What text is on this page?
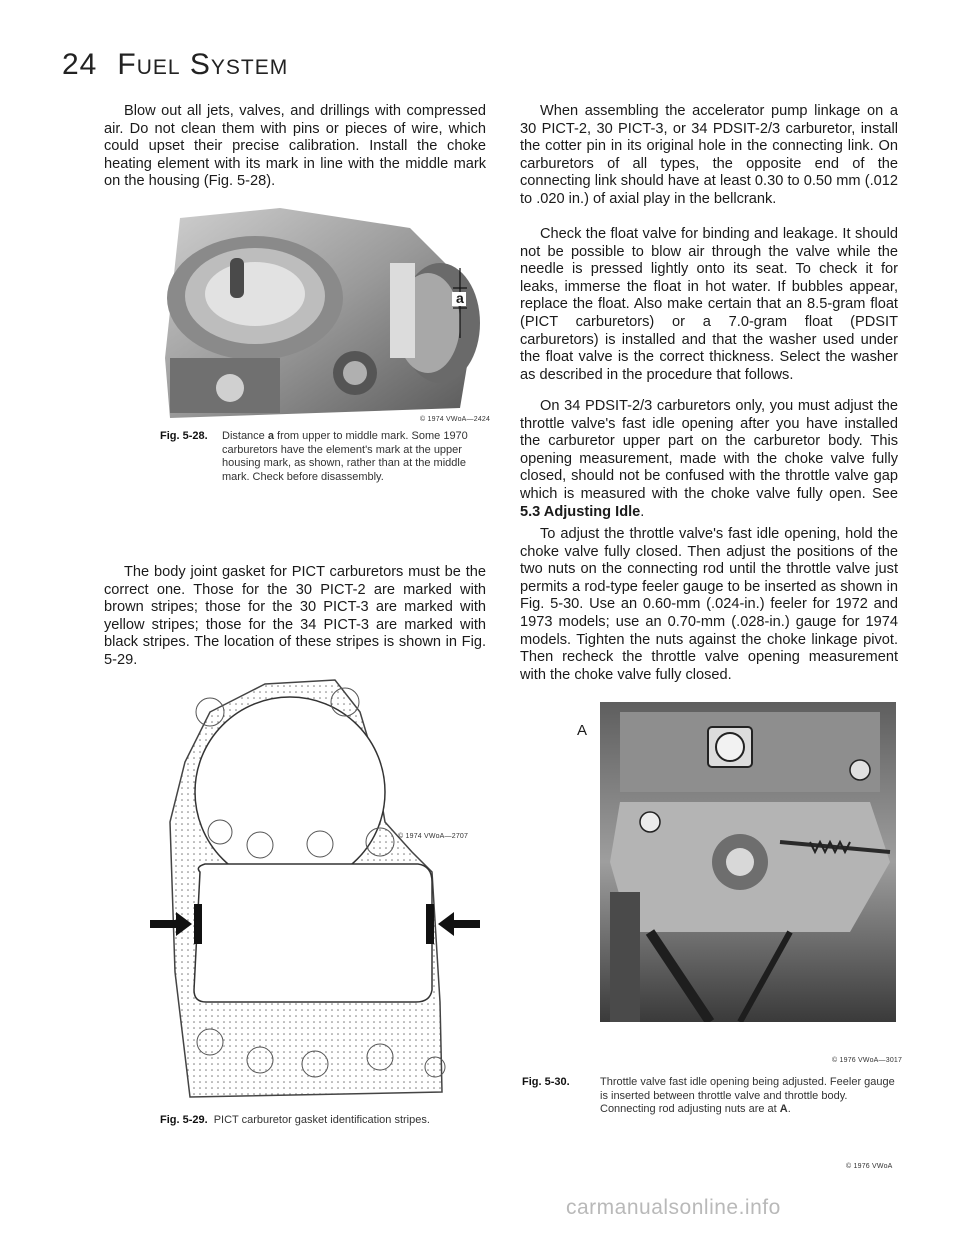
24 Fuel System

Blow out all jets, valves, and drillings with compressed air. Do not clean them with pins or pieces of wire, which could upset their precise calibration. Install the choke heating element with its mark in line with the middle mark on the housing (Fig. 5-28).

a
© 1974 VWoA—2424
Fig. 5-28. Distance a from upper to middle mark. Some 1970 carburetors have the element's mark at the upper housing mark, as shown, rather than at the middle mark. Check before disassembly.

The body joint gasket for PICT carburetors must be the correct one. Those for the 30 PICT-2 are marked with brown stripes; those for the 30 PICT-3 are marked with yellow stripes; those for the 34 PICT-3 are marked with black stripes. The location of these stripes is shown in Fig. 5-29.

© 1974 VWoA—2707
Fig. 5-29. PICT carburetor gasket identification stripes.

When assembling the accelerator pump linkage on a 30 PICT-2, 30 PICT-3, or 34 PDSIT-2/3 carburetor, install the cotter pin in its original hole in the connecting link. On carburetors of all types, the opposite end of the connecting link should have at least 0.30 to 0.50 mm (.012 to .020 in.) of axial play in the bellcrank.

Check the float valve for binding and leakage. It should not be possible to blow air through the valve while the needle is pressed lightly onto its seat. To check it for leaks, immerse the float in hot water. If bubbles appear, replace the float. Also make certain that an 8.5-gram float (PICT carburetors) or a 7.0-gram float (PDSIT carburetors) is installed and that the washer used under the float valve is the correct thickness. Select the washer as described in the procedure that follows.

On 34 PDSIT-2/3 carburetors only, you must adjust the throttle valve's fast idle opening after you have installed the carburetor upper part on the carburetor body. This opening measurement, made with the choke valve fully closed, should not be confused with the throttle valve gap which is measured with the choke valve fully open. See 5.3 Adjusting Idle.

To adjust the throttle valve's fast idle opening, hold the choke valve fully closed. Then adjust the positions of the two nuts on the connecting rod until the throttle valve just permits a rod-type feeler gauge to be inserted as shown in Fig. 5-30. Use an 0.60-mm (.024-in.) feeler for 1972 and 1973 models; use an 0.70-mm (.028-in.) gauge for 1974 models. Tighten the nuts against the choke linkage pivot. Then recheck the throttle valve opening measurement with the choke valve fully closed.

A
© 1976 VWoA—3017
Fig. 5-30.	Throttle valve fast idle opening being adjusted. Feeler gauge is inserted between throttle valve and throttle body. Connecting rod adjusting nuts are at A.
© 1976 VWoA
carmanualsonline.info
